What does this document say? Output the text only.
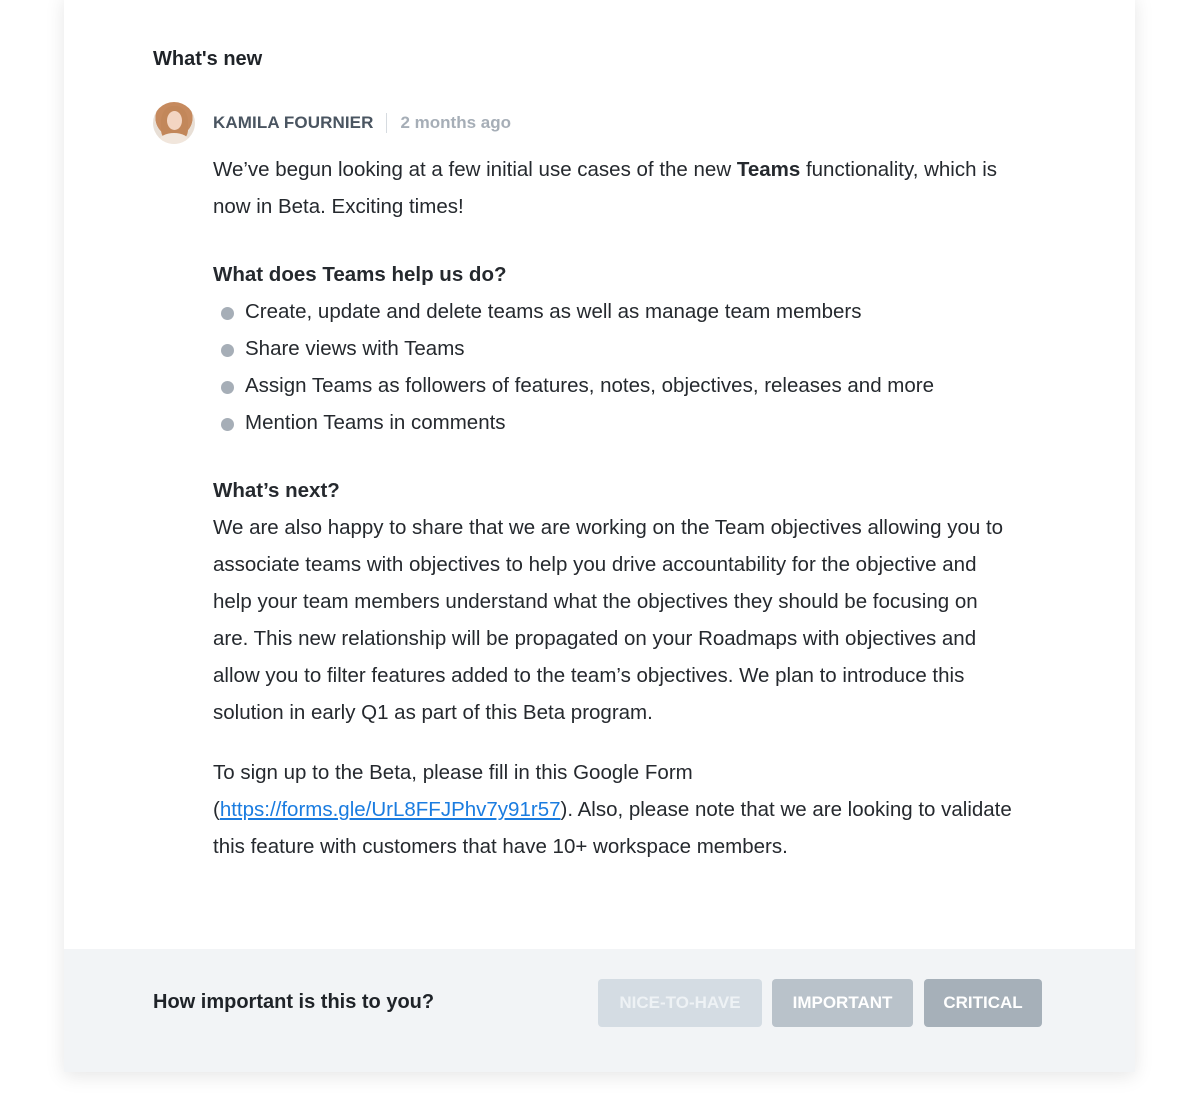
What's new
KAMILA FOURNIER 2 months ago

We’ve begun looking at a few initial use cases of the new Teams functionality, which is now in Beta. Exciting times!

What does Teams help us do?

Create, update and delete teams as well as manage team members
Share views with Teams
Assign Teams as followers of features, notes, objectives, releases and more
Mention Teams in comments

What’s next?

We are also happy to share that we are working on the Team objectives allowing you to associate teams with objectives to help you drive accountability for the objective and help your team members understand what the objectives they should be focusing on are. This new relationship will be propagated on your Roadmaps with objectives and allow you to filter features added to the team’s objectives. We plan to introduce this solution in early Q1 as part of this Beta program.

To sign up to the Beta, please fill in this Google Form (https://forms.gle/UrL8FFJPhv7y91r57). Also, please note that we are looking to validate this feature with customers that have 10+ workspace members.

How important is this to you?	NICE-TO-HAVE	IMPORTANT	CRITICAL
